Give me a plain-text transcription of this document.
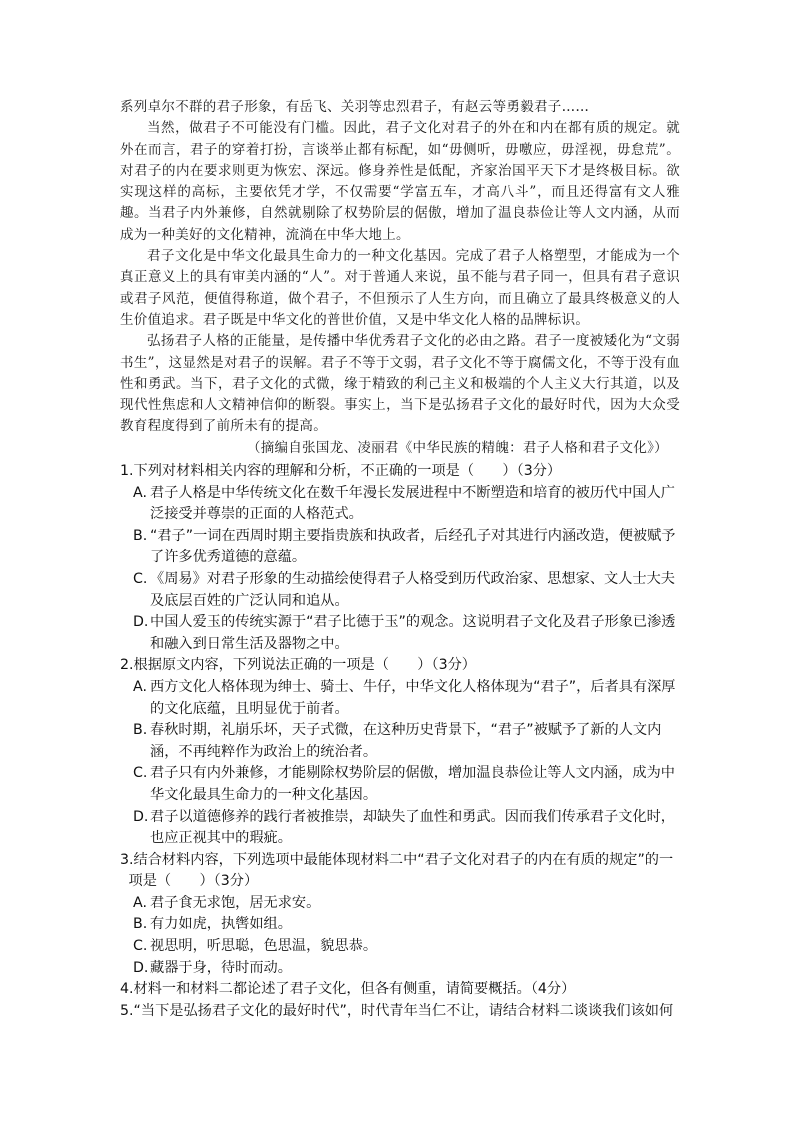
系列卓尔不群的君子形象，有岳飞、关羽等忠烈君子，有赵云等勇毅君子……

当然，做君子不可能没有门槛。因此，君子文化对君子的外在和内在都有质的规定。就外在而言，君子的穿着打扮，言谈举止都有标配，如“毋侧听，毋噭应，毋淫视，毋怠荒”。对君子的内在要求则更为恢宏、深远。修身养性是低配，齐家治国平天下才是终极目标。欲实现这样的高标，主要依凭才学，不仅需要“学富五车，才高八斗”，而且还得富有文人雅趣。当君子内外兼修，自然就剔除了权势阶层的倨傲，增加了温良恭俭让等人文内涵，从而成为一种美好的文化精神，流淌在中华大地上。

君子文化是中华文化最具生命力的一种文化基因。完成了君子人格塑型，才能成为一个真正意义上的具有审美内涵的“人”。对于普通人来说，虽不能与君子同一，但具有君子意识或君子风范，便值得称道，做个君子，不但预示了人生方向，而且确立了最具终极意义的人生价值追求。君子既是中华文化的普世价值，又是中华文化人格的品牌标识。

弘扬君子人格的正能量，是传播中华优秀君子文化的必由之路。君子一度被矮化为“文弱书生”，这显然是对君子的误解。君子不等于文弱，君子文化不等于腐儒文化，不等于没有血性和勇武。当下，君子文化的式微，缘于精致的利己主义和极端的个人主义大行其道，以及现代性焦虑和人文精神信仰的断裂。事实上，当下是弘扬君子文化的最好时代，因为大众受教育程度得到了前所未有的提高。

（摘编自张国龙、凌丽君《中华民族的精魄：君子人格和君子文化》）

1.下列对材料相关内容的理解和分析，不正确的一项是（　　）（3分）
A. 君子人格是中华传统文化在数千年漫长发展进程中不断塑造和培育的被历代中国人广泛接受并尊崇的正面的人格范式。
B. “君子”一词在西周时期主要指贵族和执政者，后经孔子对其进行内涵改造，便被赋予了许多优秀道德的意蕴。
C. 《周易》对君子形象的生动描绘使得君子人格受到历代政治家、思想家、文人士大夫及底层百姓的广泛认同和追从。
D. 中国人爱玉的传统实源于“君子比德于玉”的观念。这说明君子文化及君子形象已渗透和融入到日常生活及器物之中。
2.根据原文内容，下列说法正确的一项是（　　）（3分）
A. 西方文化人格体现为绅士、骑士、牛仔，中华文化人格体现为“君子”，后者具有深厚的文化底蕴，且明显优于前者。
B. 春秋时期，礼崩乐坏，天子式微，在这种历史背景下，“君子”被赋予了新的人文内涵，不再纯粹作为政治上的统治者。
C. 君子只有内外兼修，才能剔除权势阶层的倨傲，增加温良恭俭让等人文内涵，成为中华文化最具生命力的一种文化基因。
D. 君子以道德修养的践行者被推崇，却缺失了血性和勇武。因而我们传承君子文化时，也应正视其中的瑕疵。
3.结合材料内容，下列选项中最能体现材料二中“君子文化对君子的内在有质的规定”的一项是（　　）（3分）
A. 君子食无求饱，居无求安。
B. 有力如虎，执辔如组。
C. 视思明，听思聪，色思温，貌思恭。
D. 藏器于身，待时而动。
4.材料一和材料二都论述了君子文化，但各有侧重，请简要概括。（4分）
5.“当下是弘扬君子文化的最好时代”，时代青年当仁不让，请结合材料二谈谈我们该如何
